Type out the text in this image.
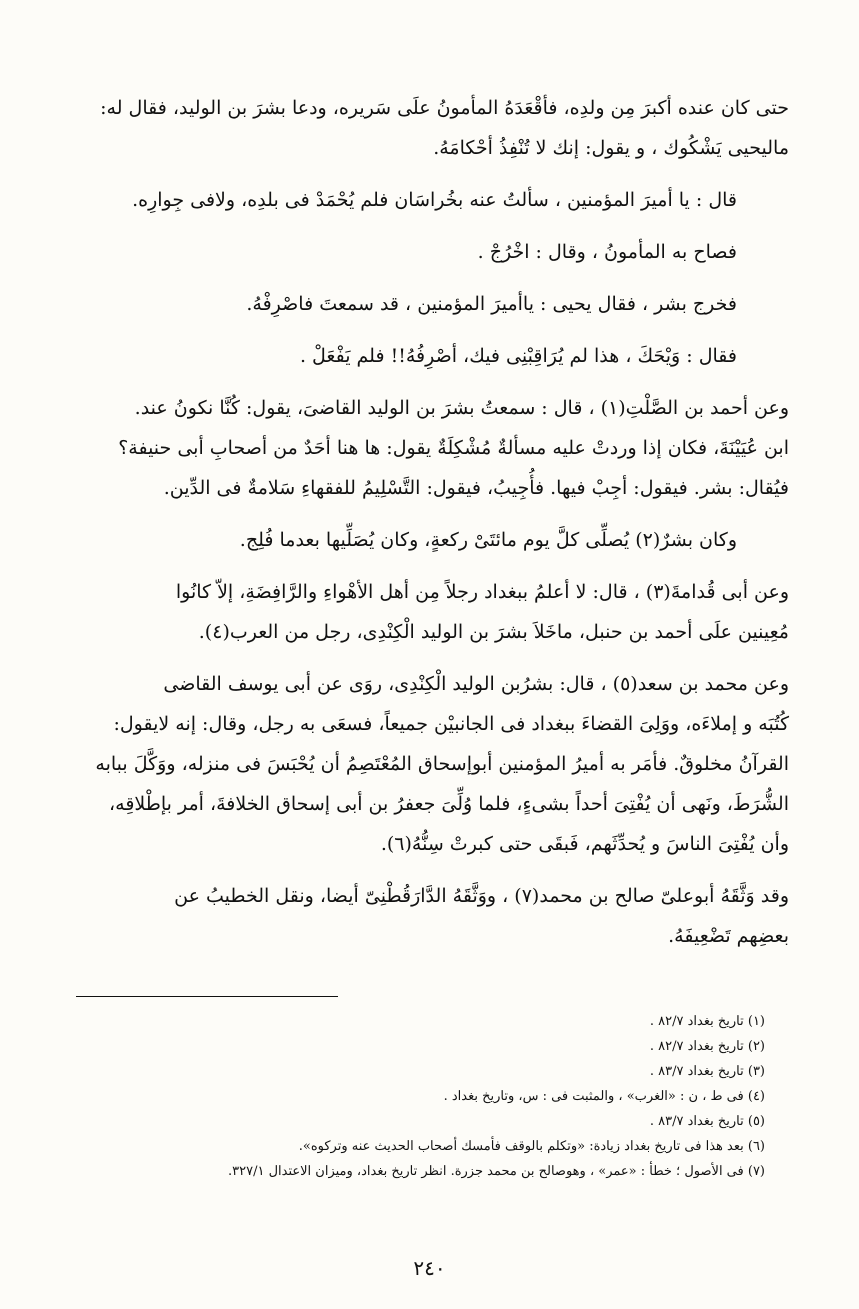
حتى كان عنده أكبرَ مِن ولدِه، فأقْعَدَهُ المأمونُ علَى سَريره، ودعا بشرَ بن الوليد، فقال له:

ماليحيى يَشْكُوك ، و يقول: إنك لا تُنْفِذُ أحْكامَهُ.

قال : يا أميرَ المؤمنين ، سألتُ عنه بخُراسَان فلم يُحْمَدْ فى بلدِه، ولافى جِوارِه.

فصاح به المأمونُ ، وقال : اخْرُجْ .

فخرج بشر ، فقال يحيى : ياأميرَ المؤمنين ، قد سمعتَ فاصْرِفْهُ.

فقال : وَيْحَكَ ، هذا لم يُرَاقِبْنِى فيك، أصْرِفُهُ!! فلم يَفْعَلْ .

وعن أحمد بن الصَّلْتِ(١) ، قال : سمعتُ بشرَ بن الوليد القاضىَ، يقول: كُنَّا نكونُ عند.

ابن عُيَيْنَةَ، فكان إذا وردتْ عليه مسألةٌ مُشْكِلَةٌ يقول: ها هنا أحَدٌ من أصحابِ أبى حنيفة؟

فيُقال: بشر. فيقول: أجِبْ فيها. فأُجِيبُ، فيقول: التَّسْلِيمُ للفقهاءِ سَلامةٌ فى الدِّين.

وكان بشرٌ(٢) يُصلِّى كلَّ يوم مائتَىْ ركعةٍ، وكان يُصَلِّيها بعدما فُلِج.

وعن أبى قُدامةَ(٣) ، قال: لا أعلمُ ببغداد رجلاً مِن أهل الأهْواءِ والرَّافِضَةِ، إلاّ كانُوا

مُعِينين علَى أحمد بن حنبل، ماخَلاَ بشرَ بن الوليد الْكِنْدِى، رجل من العرب(٤).

وعن محمد بن سعد(٥) ، قال: بشرُبن الوليد الْكِنْدِى، روَى عن أبى يوسف القاضى

كُتُبَه و إملاءَه، ووَلِىَ القضاءَ ببغداد فى الجانبيْن جميعاً، فسعَى به رجل، وقال: إنه لايقول:

القرآنُ مخلوقٌ. فأمَر به أميرُ المؤمنين أبوإسحاق المُعْتَصِمُ أن يُحْبَسَ فى منزله، ووَكَّلَ ببابه

الشُّرَطَ، ونَهى أن يُفْتِىَ أحداً بشىءٍ، فلما وُلِّىَ جعفرُ بن أبى إسحاق الخلافةَ، أمر بإطْلاقِه،

وأن يُفْتِىَ الناسَ و يُحدِّثَهم، فَبقَى حتى كبرتْ سِنُّهُ(٦).

وقد وَثَّقَهُ أبوعلىّ صالح بن محمد(٧) ، ووَثَّقَهُ الدَّارَقُطْنِىّ أيضا، ونقل الخطيبُ عن

بعضِهم تَضْعِيفَهُ.

(١) تاريخ بغداد ٨٢/٧ .
(٢) تاريخ بغداد ٨٢/٧ .
(٣) تاريخ بغداد ٨٣/٧ .
(٤) فى ط ، ن : «الغرب» ، والمثبت فى : س، وتاريخ بغداد .
(٥) تاريخ بغداد ٨٣/٧ .
(٦) بعد هذا فى تاريخ بغداد زيادة: «وتكلم بالوقف فأمسك أصحاب الحديث عنه وتركوه».
(٧) فى الأصول ؛ خطأ : «عمر» ، وهوصالح بن محمد جزرة. انظر تاريخ بغداد، وميزان الاعتدال ٣٢٧/١.
٢٤٠
